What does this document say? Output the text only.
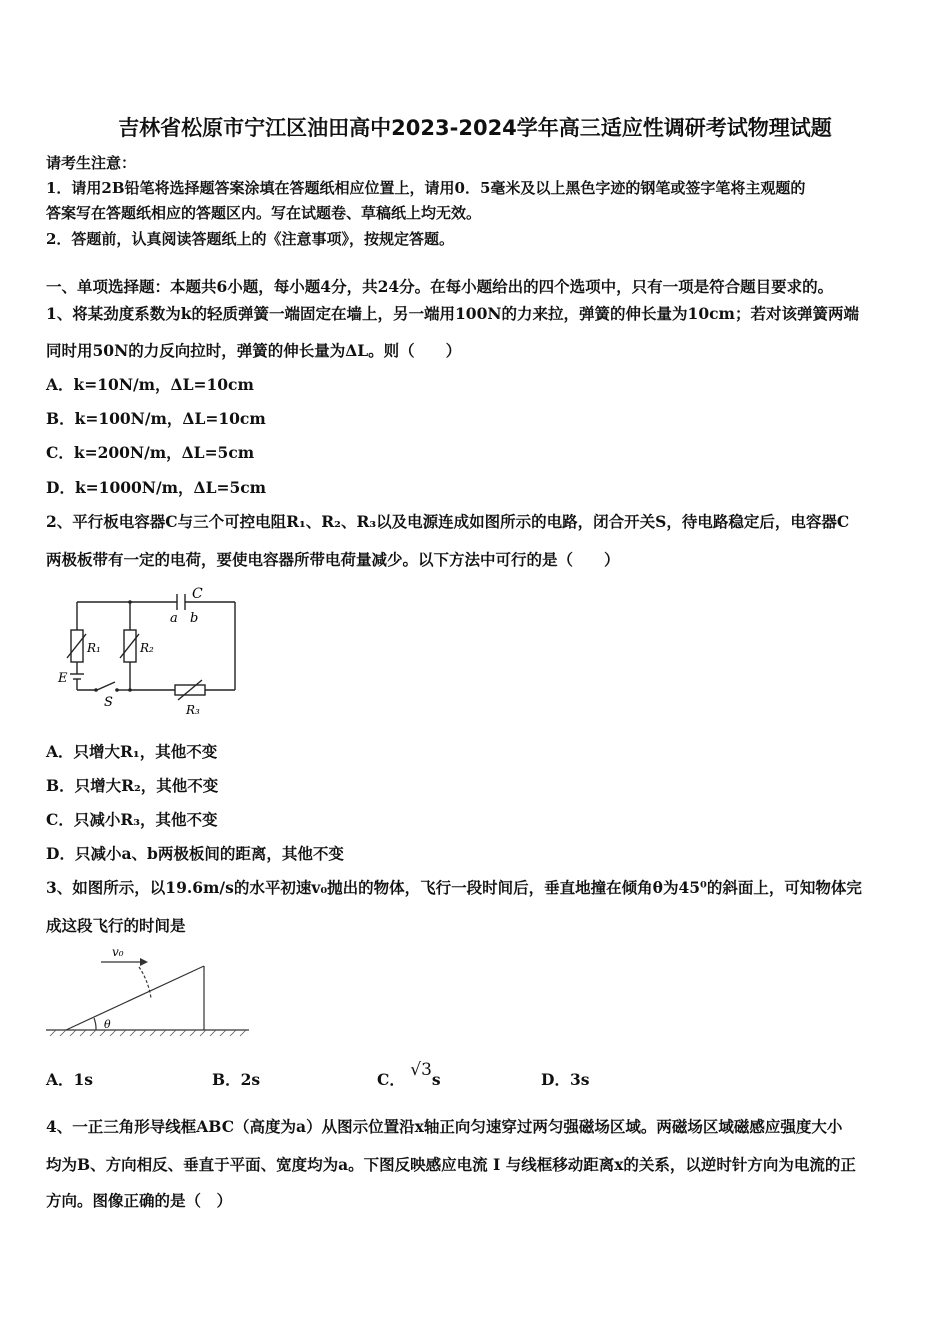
吉林省松原市宁江区油田高中2023-2024学年高三适应性调研考试物理试题
请考生注意：
1．请用2B铅笔将选择题答案涂填在答题纸相应位置上，请用0．5毫米及以上黑色字迹的钢笔或签字笔将主观题的
答案写在答题纸相应的答题区内。写在试题卷、草稿纸上均无效。
2．答题前，认真阅读答题纸上的《注意事项》，按规定答题。
一、单项选择题：本题共6小题，每小题4分，共24分。在每小题给出的四个选项中，只有一项是符合题目要求的。
1、将某劲度系数为k的轻质弹簧一端固定在墙上，另一端用100N的力来拉，弹簧的伸长量为10cm；若对该弹簧两端
同时用50N的力反向拉时，弹簧的伸长量为ΔL。则（　　）
A．k=10N/m，ΔL=10cm
B．k=100N/m，ΔL=10cm
C．k=200N/m，ΔL=5cm
D．k=1000N/m，ΔL=5cm
2、平行板电容器C与三个可控电阻R₁、R₂、R₃以及电源连成如图所示的电路，闭合开关S，待电路稳定后，电容器C
两极板带有一定的电荷，要使电容器所带电荷量减少。以下方法中可行的是（　　）
C
a b
R₁	R₂
R₃
E
S
A．只增大R₁，其他不变
B．只增大R₂，其他不变
C．只减小R₃，其他不变
D．只减小a、b两极板间的距离，其他不变
3、如图所示，以19.6m/s的水平初速v₀抛出的物体，飞行一段时间后，垂直地撞在倾角θ为45⁰的斜面上，可知物体完
成这段飞行的时间是
v₀
θ
A．1s	B．2s	C． √3s	D．3s
4、一正三角形导线框ABC（高度为a）从图示位置沿x轴正向匀速穿过两匀强磁场区域。两磁场区域磁感应强度大小
均为B、方向相反、垂直于平面、宽度均为a。下图反映感应电流 I 与线框移动距离x的关系，以逆时针方向为电流的正
方向。图像正确的是（　）
